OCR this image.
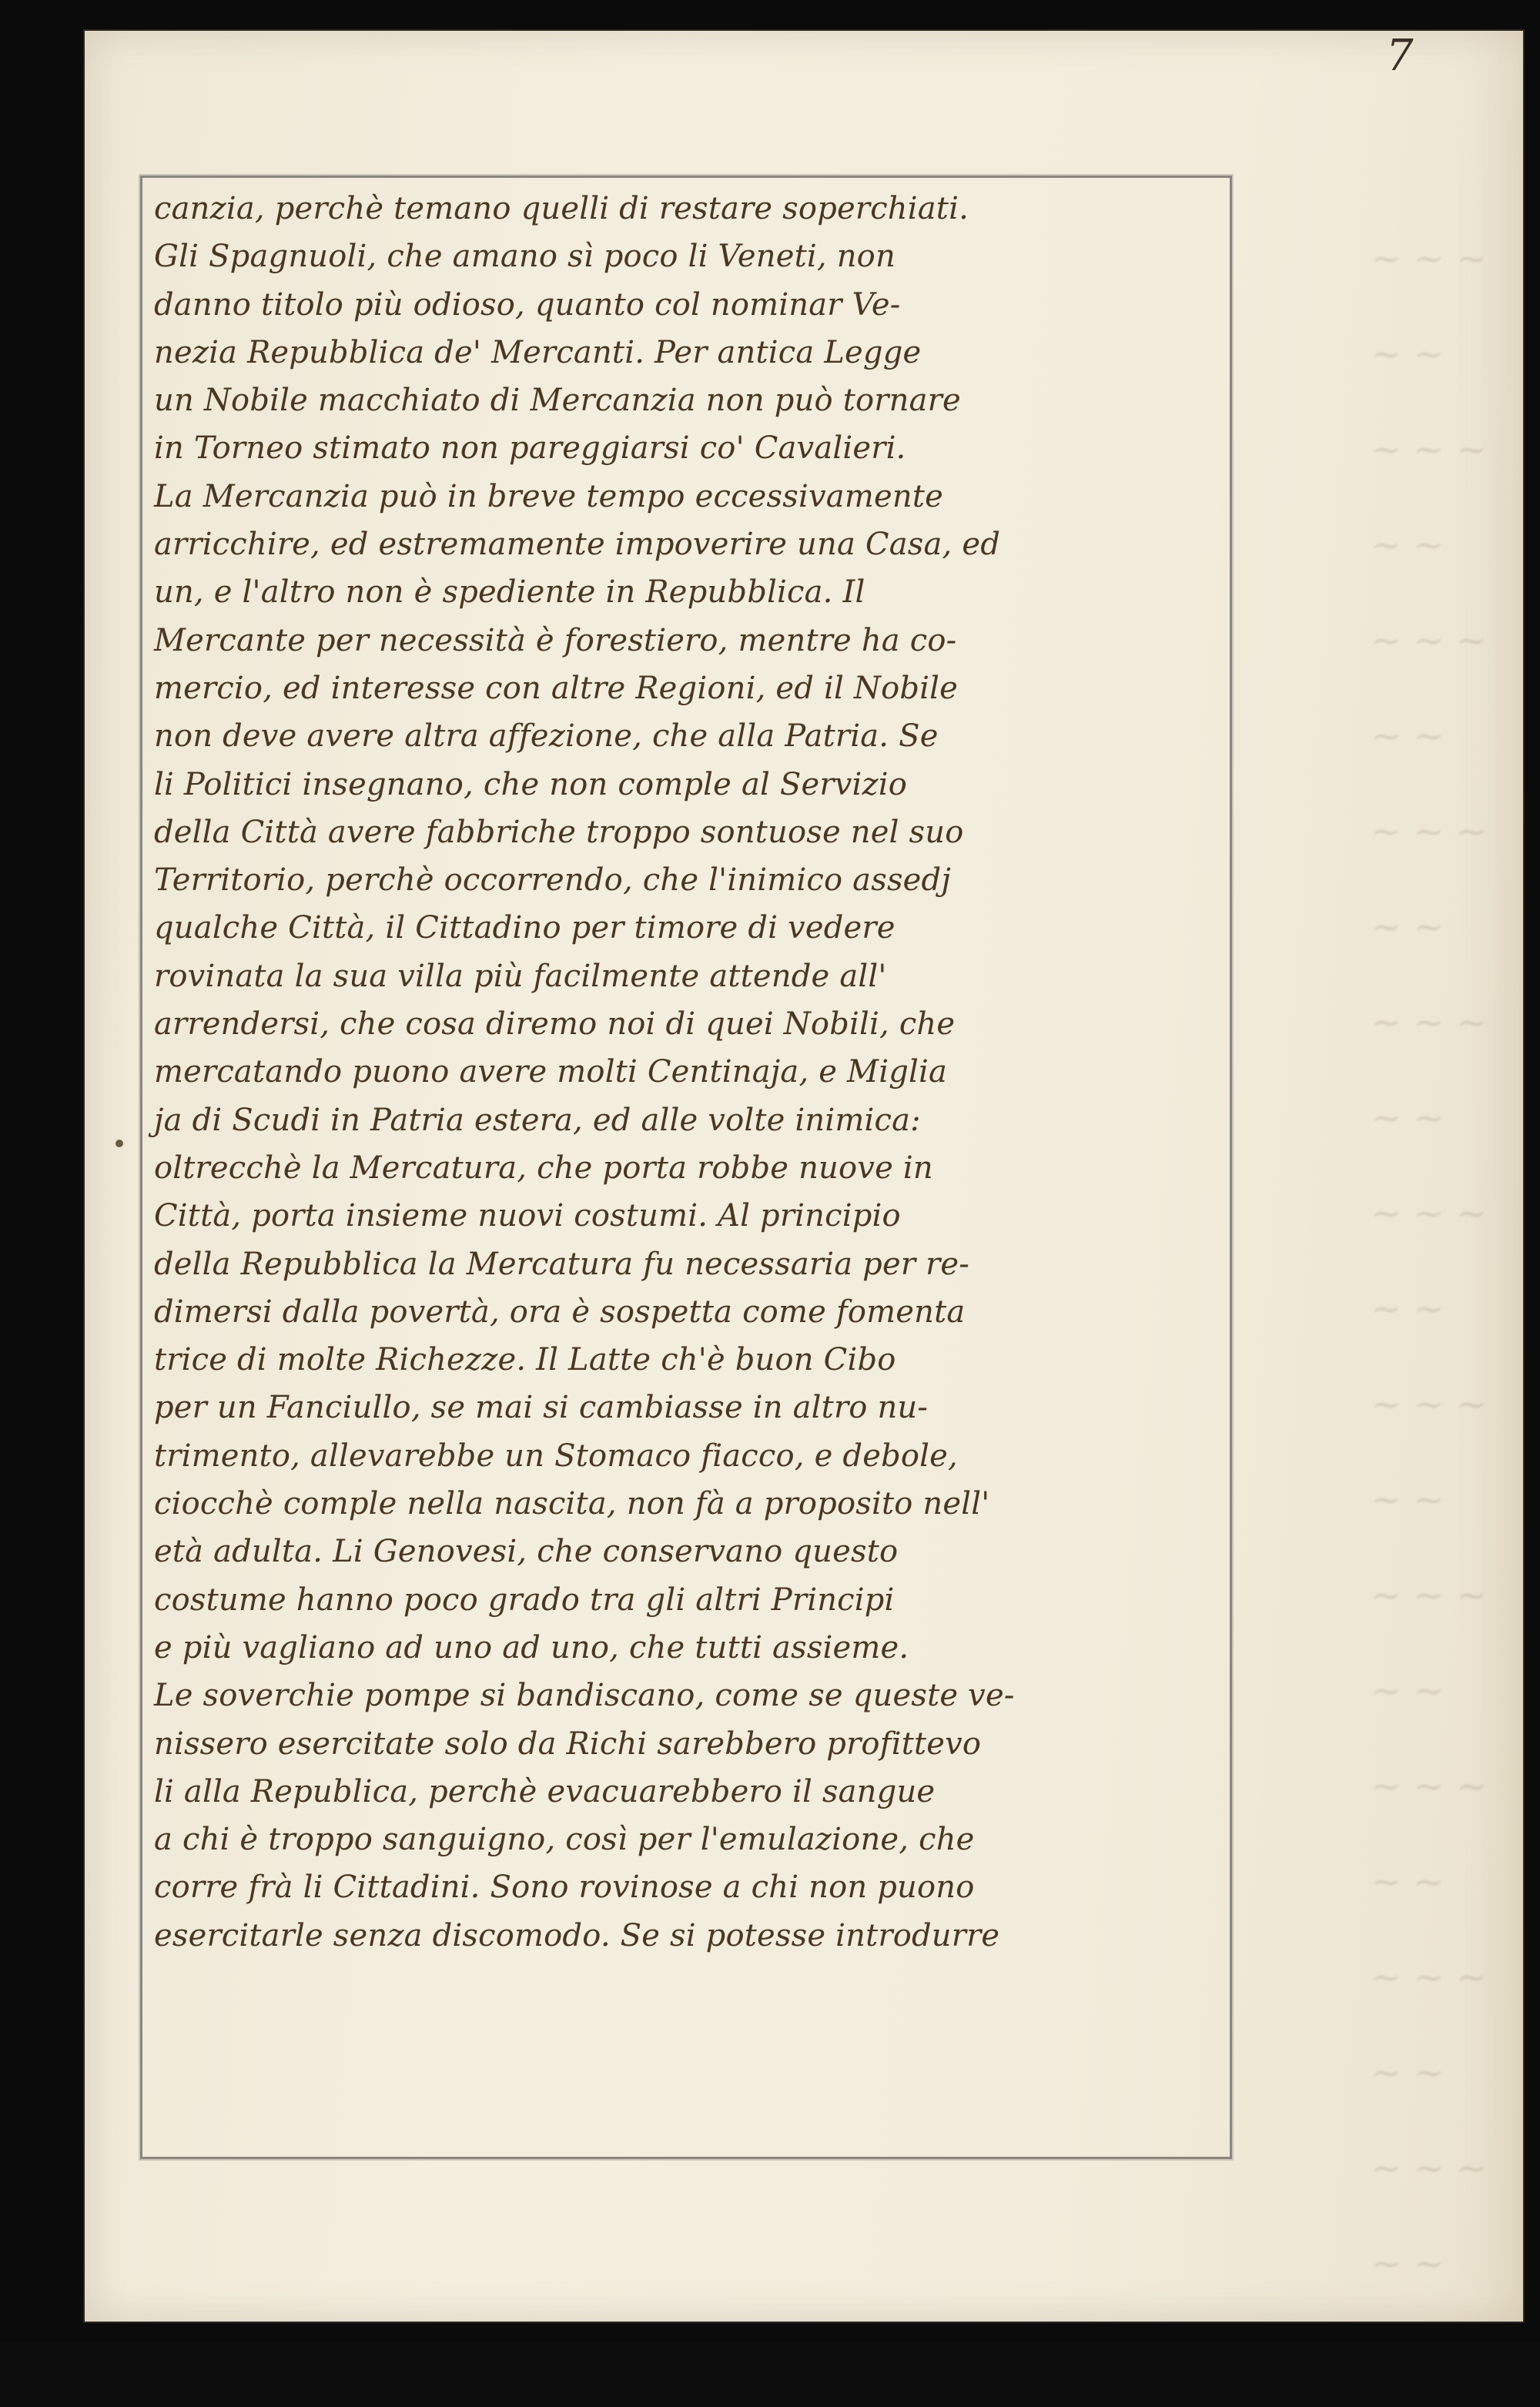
7

~ ~ ~
~ ~
~ ~ ~
~ ~
~ ~ ~
~ ~
~ ~ ~
~ ~
~ ~ ~
~ ~
~ ~ ~
~ ~
~ ~ ~
~ ~
~ ~ ~
~ ~
~ ~ ~
~ ~
~ ~ ~
~ ~
~ ~ ~
~ ~

canzia, perchè temano quelli di restare soperchiati.
Gli Spagnuoli, che amano sì poco li Veneti, non
danno titolo più odioso, quanto col nominar Ve-
nezia Repubblica de' Mercanti. Per antica Legge
un Nobile macchiato di Mercanzia non può tornare
in Torneo stimato non pareggiarsi co' Cavalieri.
La Mercanzia può in breve tempo eccessivamente
arricchire, ed estremamente impoverire una Casa, ed
un, e l'altro non è spediente in Repubblica. Il
Mercante per necessità è forestiero, mentre ha co-
mercio, ed interesse con altre Regioni, ed il Nobile
non deve avere altra affezione, che alla Patria. Se
li Politici insegnano, che non comple al Servizio
della Città avere fabbriche troppo sontuose nel suo
Territorio, perchè occorrendo, che l'inimico assedj
qualche Città, il Cittadino per timore di vedere
rovinata la sua villa più facilmente attende all'
arrendersi, che cosa diremo noi di quei Nobili, che
mercatando puono avere molti Centinaja, e Miglia
ja di Scudi in Patria estera, ed alle volte inimica:
oltrecchè la Mercatura, che porta robbe nuove in
Città, porta insieme nuovi costumi. Al principio
della Repubblica la Mercatura fu necessaria per re-
dimersi dalla povertà, ora è sospetta come fomenta
trice di molte Richezze. Il Latte ch'è buon Cibo
per un Fanciullo, se mai si cambiasse in altro nu-
trimento, allevarebbe un Stomaco fiacco, e debole,
ciocchè comple nella nascita, non fà a proposito nell'
età adulta. Li Genovesi, che conservano questo
costume hanno poco grado tra gli altri Principi
e più vagliano ad uno ad uno, che tutti assieme.
Le soverchie pompe si bandiscano, come se queste ve-
nissero esercitate solo da Richi sarebbero profittevo
li alla Republica, perchè evacuarebbero il sangue
a chi è troppo sanguigno, così per l'emulazione, che
corre frà li Cittadini. Sono rovinose a chi non puono
esercitarle senza discomodo. Se si potesse introdurre
